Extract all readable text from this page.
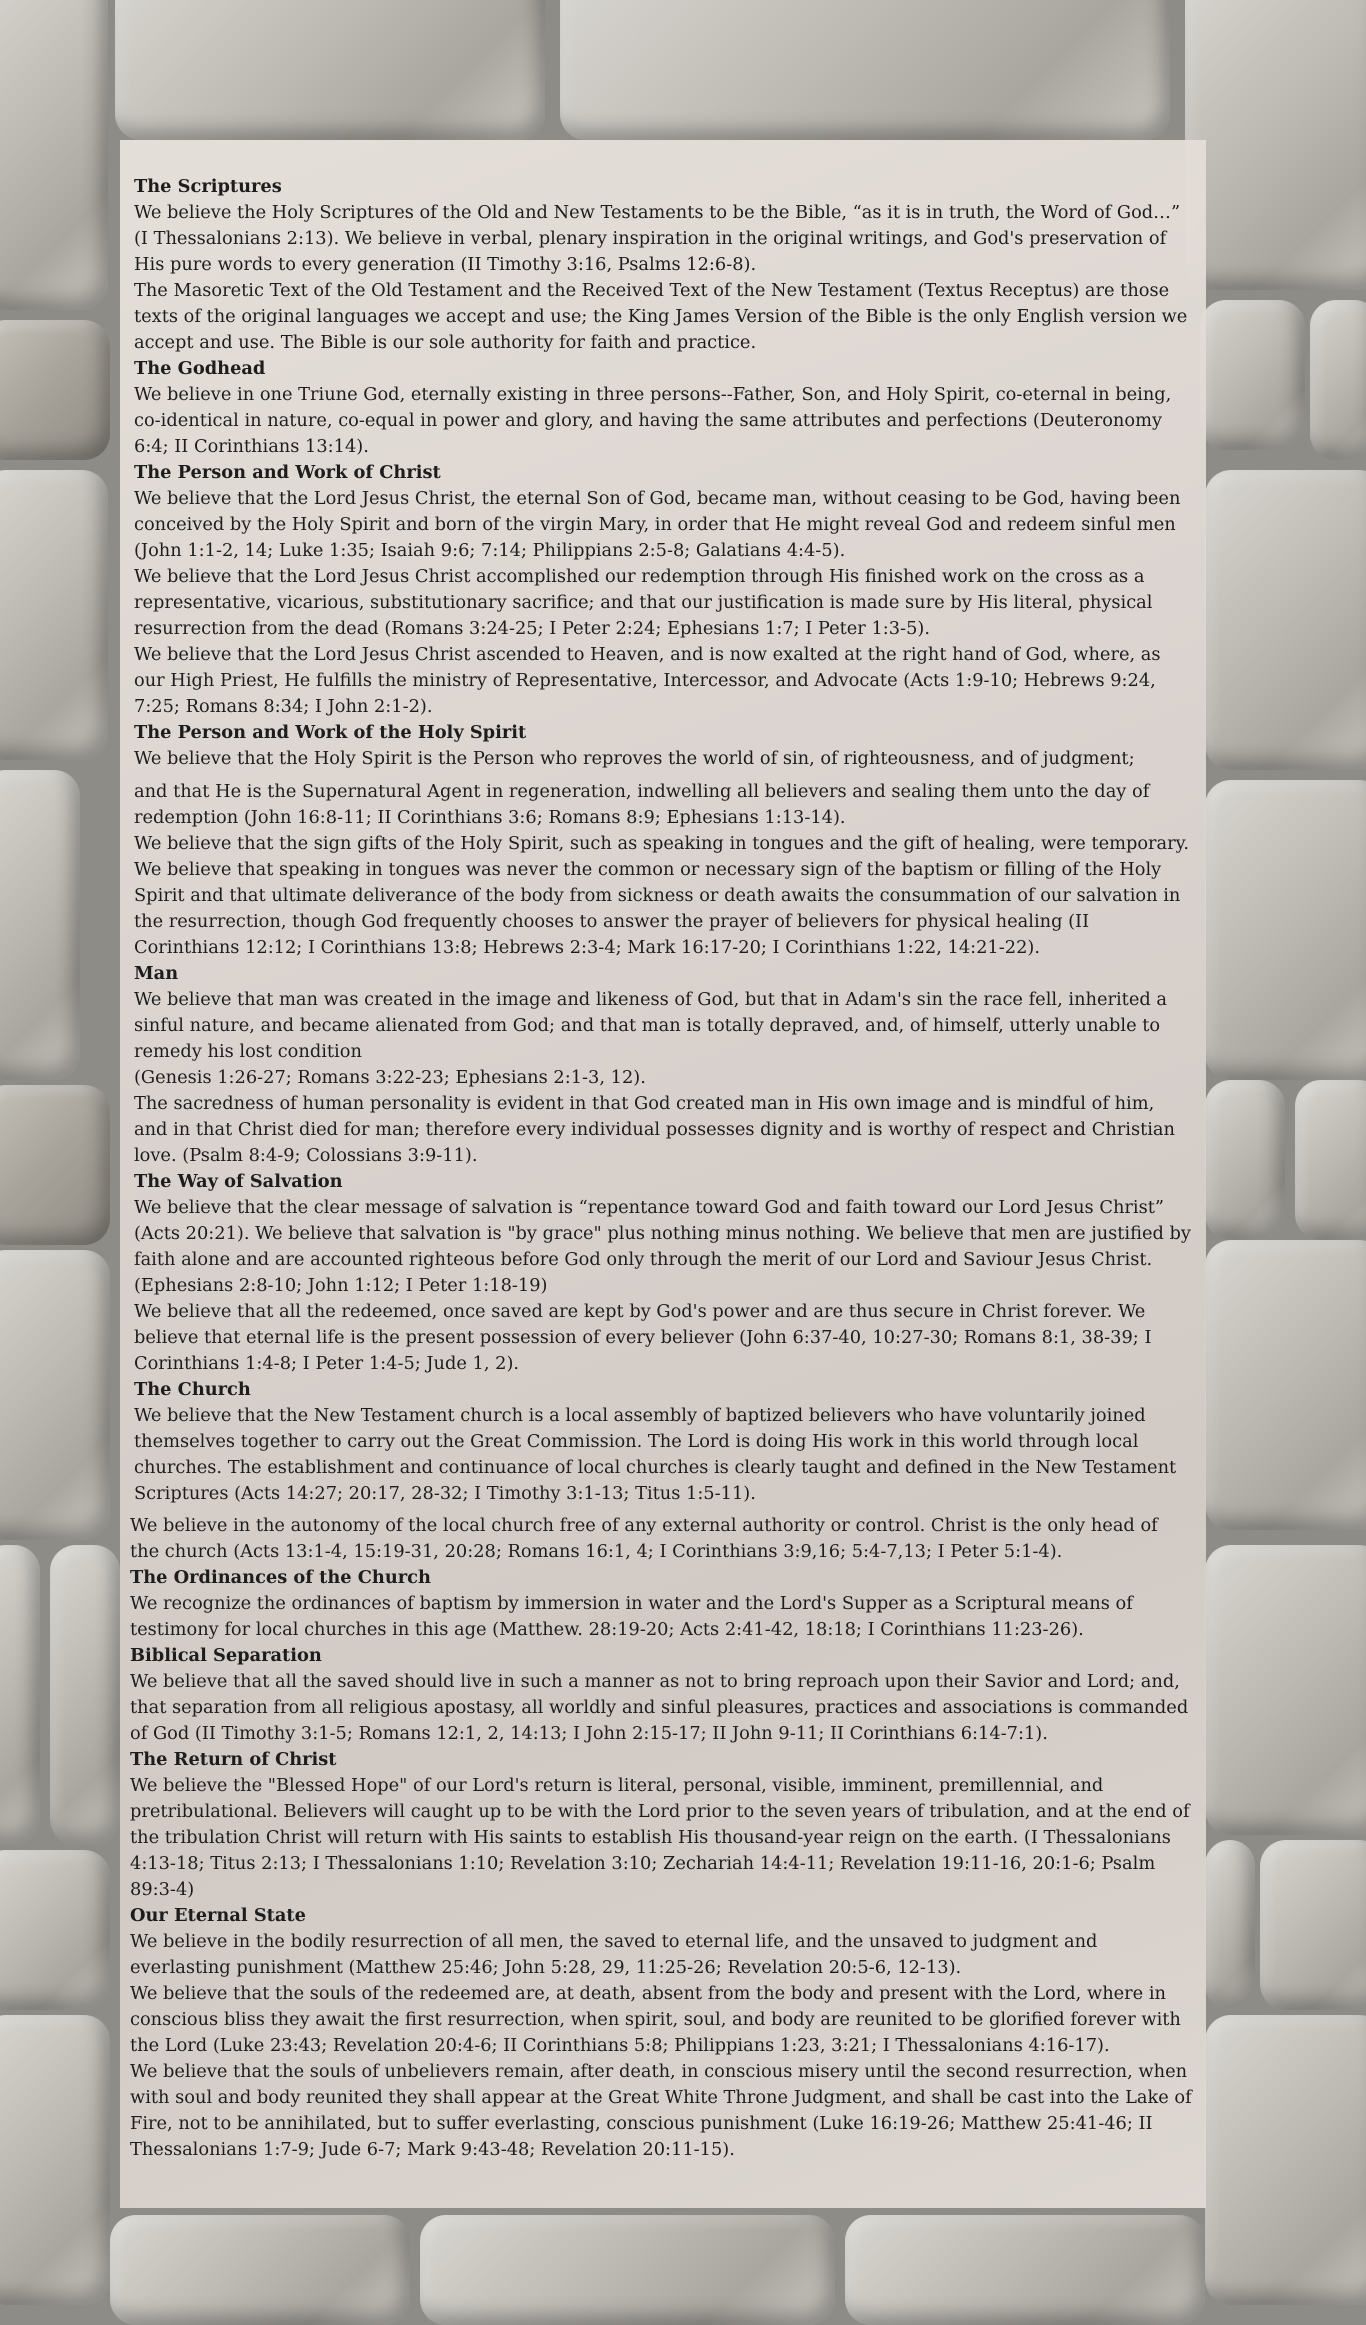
The Scriptures

We believe the Holy Scriptures of the Old and New Testaments to be the Bible, “as it is in truth, the Word of God…” (I Thessalonians 2:13). We believe in verbal, plenary inspiration in the original writings, and God's preservation of His pure words to every generation (II Timothy 3:16, Psalms 12:6-8).

The Masoretic Text of the Old Testament and the Received Text of the New Testament (Textus Receptus) are those texts of the original languages we accept and use; the King James Version of the Bible is the only English version we accept and use. The Bible is our sole authority for faith and practice.

The Godhead

We believe in one Triune God, eternally existing in three persons--Father, Son, and Holy Spirit, co-eternal in being, co-identical in nature, co-equal in power and glory, and having the same attributes and perfections (Deuteronomy 6:4; II Corinthians 13:14).

The Person and Work of Christ

We believe that the Lord Jesus Christ, the eternal Son of God, became man, without ceasing to be God, having been conceived by the Holy Spirit and born of the virgin Mary, in order that He might reveal God and redeem sinful men (John 1:1-2, 14; Luke 1:35; Isaiah 9:6; 7:14; Philippians 2:5-8; Galatians 4:4-5).

We believe that the Lord Jesus Christ accomplished our redemption through His finished work on the cross as a representative, vicarious, substitutionary sacrifice; and that our justification is made sure by His literal, physical resurrection from the dead (Romans 3:24-25; I Peter 2:24; Ephesians 1:7; I Peter 1:3-5).

We believe that the Lord Jesus Christ ascended to Heaven, and is now exalted at the right hand of God, where, as our High Priest, He fulfills the ministry of Representative, Intercessor, and Advocate (Acts 1:9-10; Hebrews 9:24, 7:25; Romans 8:34; I John 2:1-2).

The Person and Work of the Holy Spirit

We believe that the Holy Spirit is the Person who reproves the world of sin, of righteousness, and of judgment;

and that He is the Supernatural Agent in regeneration, indwelling all believers and sealing them unto the day of redemption (John 16:8-11; II Corinthians 3:6; Romans 8:9; Ephesians 1:13-14).

We believe that the sign gifts of the Holy Spirit, such as speaking in tongues and the gift of healing, were temporary. We believe that speaking in tongues was never the common or necessary sign of the baptism or filling of the Holy Spirit and that ultimate deliverance of the body from sickness or death awaits the consummation of our salvation in the resurrection, though God frequently chooses to answer the prayer of believers for physical healing (II Corinthians 12:12; I Corinthians 13:8; Hebrews 2:3-4; Mark 16:17-20; I Corinthians 1:22, 14:21-22).

Man

We believe that man was created in the image and likeness of God, but that in Adam's sin the race fell, inherited a sinful nature, and became alienated from God; and that man is totally depraved, and, of himself, utterly unable to remedy his lost condition

(Genesis 1:26-27; Romans 3:22-23; Ephesians 2:1-3, 12).

The sacredness of human personality is evident in that God created man in His own image and is mindful of him, and in that Christ died for man; therefore every individual possesses dignity and is worthy of respect and Christian love. (Psalm 8:4-9; Colossians 3:9-11).

The Way of Salvation

We believe that the clear message of salvation is “repentance toward God and faith toward our Lord Jesus Christ” (Acts 20:21). We believe that salvation is "by grace" plus nothing minus nothing. We believe that men are justified by faith alone and are accounted righteous before God only through the merit of our Lord and Saviour Jesus Christ. (Ephesians 2:8-10; John 1:12; I Peter 1:18-19)

We believe that all the redeemed, once saved are kept by God's power and are thus secure in Christ forever. We believe that eternal life is the present possession of every believer (John 6:37-40, 10:27-30; Romans 8:1, 38-39; I Corinthians 1:4-8; I Peter 1:4-5; Jude 1, 2).

The Church

We believe that the New Testament church is a local assembly of baptized believers who have voluntarily joined themselves together to carry out the Great Commission. The Lord is doing His work in this world through local churches. The establishment and continuance of local churches is clearly taught and defined in the New Testament Scriptures (Acts 14:27; 20:17, 28-32; I Timothy 3:1-13; Titus 1:5-11).

We believe in the autonomy of the local church free of any external authority or control. Christ is the only head of the church (Acts 13:1-4, 15:19-31, 20:28; Romans 16:1, 4; I Corinthians 3:9,16; 5:4-7,13; I Peter 5:1-4).

The Ordinances of the Church

We recognize the ordinances of baptism by immersion in water and the Lord's Supper as a Scriptural means of testimony for local churches in this age (Matthew. 28:19-20; Acts 2:41-42, 18:18; I Corinthians 11:23-26).

Biblical Separation

We believe that all the saved should live in such a manner as not to bring reproach upon their Savior and Lord; and, that separation from all religious apostasy, all worldly and sinful pleasures, practices and associations is commanded of God (II Timothy 3:1-5; Romans 12:1, 2, 14:13; I John 2:15-17; II John 9-11; II Corinthians 6:14-7:1).

The Return of Christ

We believe the "Blessed Hope" of our Lord's return is literal, personal, visible, imminent, premillennial, and pretribulational. Believers will caught up to be with the Lord prior to the seven years of tribulation, and at the end of the tribulation Christ will return with His saints to establish His thousand-year reign on the earth. (I Thessalonians 4:13-18; Titus 2:13; I Thessalonians 1:10; Revelation 3:10; Zechariah 14:4-11; Revelation 19:11-16, 20:1-6; Psalm 89:3-4)

Our Eternal State

We believe in the bodily resurrection of all men, the saved to eternal life, and the unsaved to judgment and everlasting punishment (Matthew 25:46; John 5:28, 29, 11:25-26; Revelation 20:5-6, 12-13).

We believe that the souls of the redeemed are, at death, absent from the body and present with the Lord, where in conscious bliss they await the first resurrection, when spirit, soul, and body are reunited to be glorified forever with the Lord (Luke 23:43; Revelation 20:4-6; II Corinthians 5:8; Philippians 1:23, 3:21; I Thessalonians 4:16-17).

We believe that the souls of unbelievers remain, after death, in conscious misery until the second resurrection, when with soul and body reunited they shall appear at the Great White Throne Judgment, and shall be cast into the Lake of Fire, not to be annihilated, but to suffer everlasting, conscious punishment (Luke 16:19-26; Matthew 25:41-46; II Thessalonians 1:7-9; Jude 6-7; Mark 9:43-48; Revelation 20:11-15).
